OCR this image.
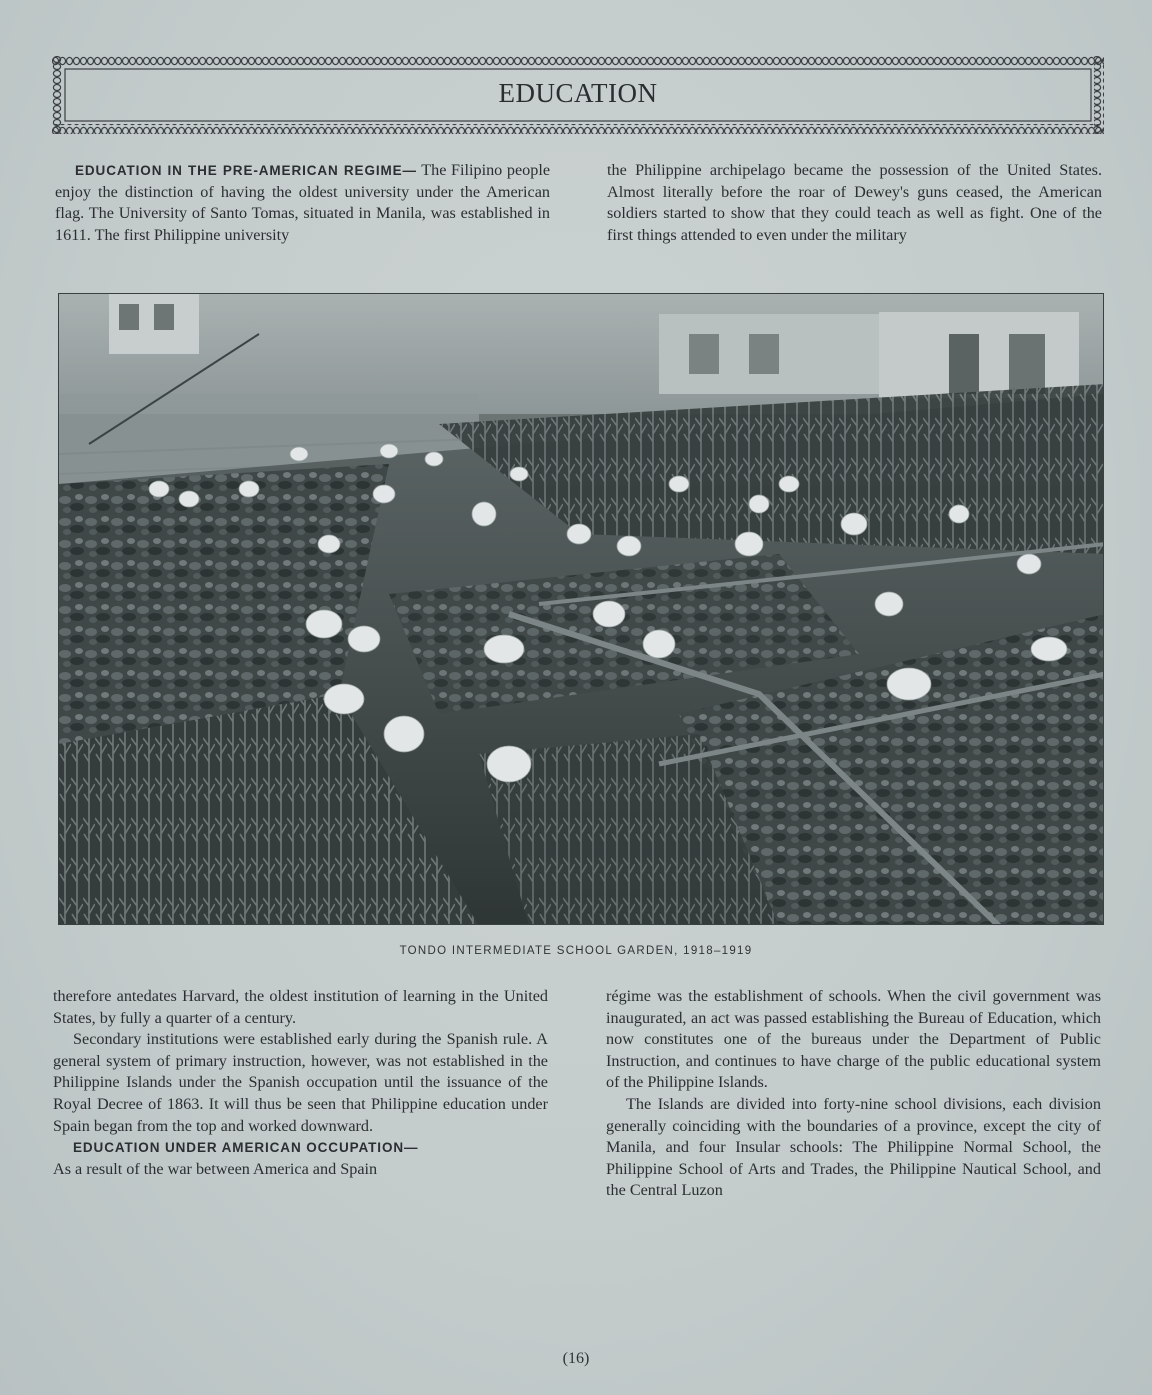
EDUCATION

EDUCATION IN THE PRE-AMERICAN REGIME— The Filipino people enjoy the distinction of having the oldest university under the American flag. The University of Santo Tomas, situated in Manila, was established in 1611. The first Philippine university

the Philippine archipelago became the possession of the United States. Almost literally before the roar of Dewey's guns ceased, the American soldiers started to show that they could teach as well as fight. One of the first things attended to even under the military

TONDO INTERMEDIATE SCHOOL GARDEN, 1918–1919

therefore antedates Harvard, the oldest institution of learning in the United States, by fully a quarter of a century.

Secondary institutions were established early during the Spanish rule. A general system of primary instruction, however, was not established in the Philippine Islands under the Spanish occupation until the issuance of the Royal Decree of 1863. It will thus be seen that Philippine education under Spain began from the top and worked downward.

EDUCATION UNDER AMERICAN OCCUPATION—

As a result of the war between America and Spain

régime was the establishment of schools. When the civil government was inaugurated, an act was passed establishing the Bureau of Education, which now constitutes one of the bureaus under the Department of Public Instruction, and continues to have charge of the public educational system of the Philippine Islands.

The Islands are divided into forty-nine school divisions, each division generally coinciding with the boundaries of a province, except the city of Manila, and four Insular schools: The Philippine Normal School, the Philippine School of Arts and Trades, the Philippine Nautical School, and the Central Luzon

(16)
